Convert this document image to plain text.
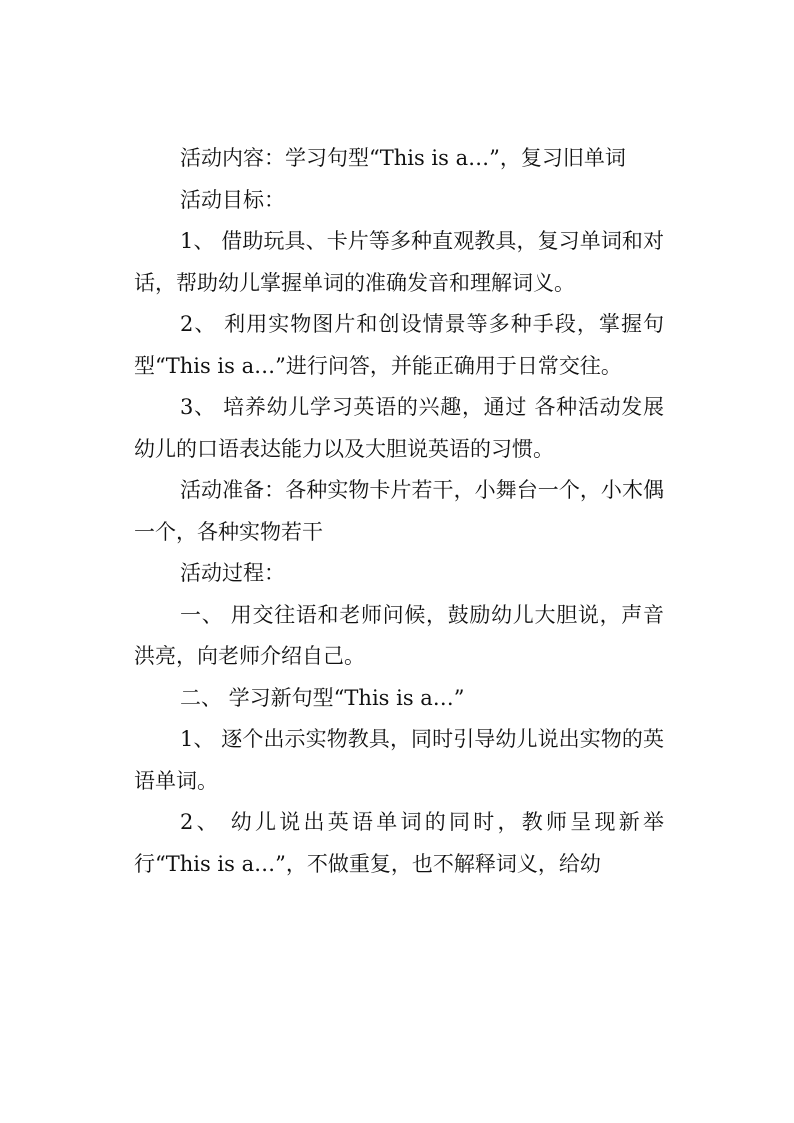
活动内容：学习句型“This is a…”，复习旧单词

活动目标：

1、 借助玩具、卡片等多种直观教具，复习单词和对话，帮助幼儿掌握单词的准确发音和理解词义。

2、 利用实物图片和创设情景等多种手段，掌握句型“This is a…”进行问答，并能正确用于日常交往。

3、 培养幼儿学习英语的兴趣，通过 各种活动发展幼儿的口语表达能力以及大胆说英语的习惯。

活动准备：各种实物卡片若干，小舞台一个，小木偶一个，各种实物若干

活动过程：

一、 用交往语和老师问候，鼓励幼儿大胆说，声音洪亮，向老师介绍自己。

二、 学习新句型“This is a…”

1、 逐个出示实物教具，同时引导幼儿说出实物的英语单词。

2、 幼儿说出英语单词的同时，教师呈现新举行“This is a…”，不做重复，也不解释词义，给幼
